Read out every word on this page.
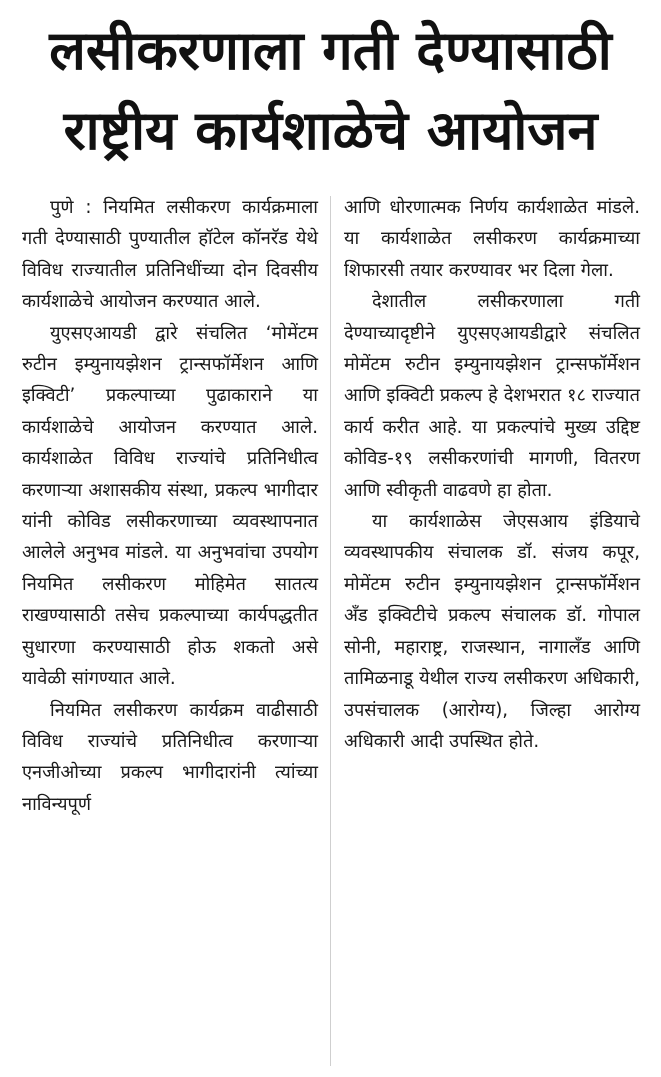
लसीकरणाला गती देण्यासाठी
राष्ट्रीय कार्यशाळेचे आयोजन

पुणे : नियमित लसीकरण कार्यक्रमाला गती देण्यासाठी पुण्यातील हॉटेल कॉनरॅड येथे विविध राज्यातील प्रतिनिधींच्या दोन दिवसीय कार्यशाळेचे आयोजन करण्यात आले.

युएसएआयडी द्वारे संचलित ‘मोमेंटम रुटीन इम्युनायझेशन ट्रान्सफॉर्मेशन आणि इक्विटी’ प्रकल्पाच्या पुढाकाराने या कार्यशाळेचे आयोजन करण्यात आले. कार्यशाळेत विविध राज्यांचे प्रतिनिधीत्व करणाऱ्या अशासकीय संस्था, प्रकल्प भागीदार यांनी कोविड लसीकरणाच्या व्यवस्थापनात आलेले अनुभव मांडले. या अनुभवांचा उपयोग नियमित लसीकरण मोहिमेत सातत्य राखण्यासाठी तसेच प्रकल्पाच्या कार्यपद्धतीत सुधारणा करण्यासाठी होऊ शकतो असे यावेळी सांगण्यात आले.

नियमित लसीकरण कार्यक्रम वाढीसाठी विविध राज्यांचे प्रतिनिधीत्व करणाऱ्या एनजीओच्या प्रकल्प भागीदारांनी त्यांच्या नाविन्यपूर्ण

आणि धोरणात्मक निर्णय कार्यशाळेत मांडले. या कार्यशाळेत लसीकरण कार्यक्रमाच्या शिफारसी तयार करण्यावर भर दिला गेला.

देशातील लसीकरणाला गती देण्याच्यादृष्टीने युएसएआयडीद्वारे संचलित मोमेंटम रुटीन इम्युनायझेशन ट्रान्सफॉर्मेशन आणि इक्विटी प्रकल्प हे देशभरात १८ राज्यात कार्य करीत आहे. या प्रकल्पांचे मुख्य उद्दिष्ट कोविड-१९ लसीकरणांची मागणी, वितरण आणि स्वीकृती वाढवणे हा होता.

या कार्यशाळेस जेएसआय इंडियाचे व्यवस्थापकीय संचालक डॉ. संजय कपूर, मोमेंटम रुटीन इम्युनायझेशन ट्रान्सफॉर्मेशन अँड इक्विटीचे प्रकल्प संचालक डॉ. गोपाल सोनी, महाराष्ट्र, राजस्थान, नागालँड आणि तामिळनाडू येथील राज्य लसीकरण अधिकारी, उपसंचालक (आरोग्य), जिल्हा आरोग्य अधिकारी आदी उपस्थित होते.
